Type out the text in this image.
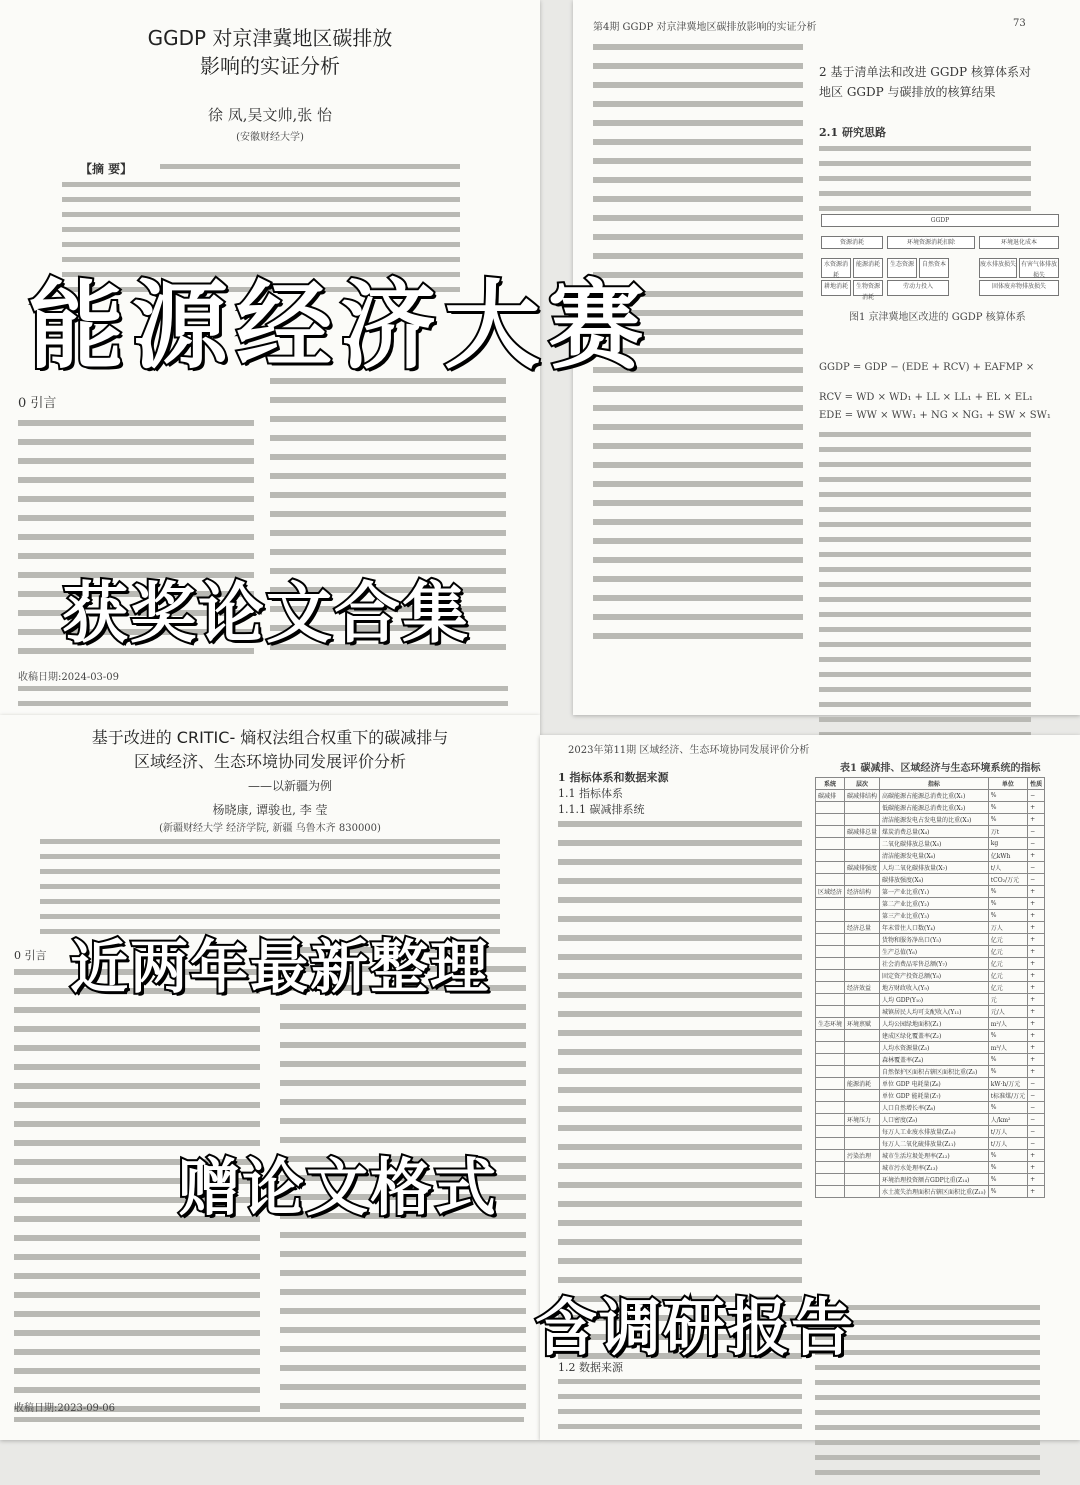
GGDP 对京津冀地区碳排放
影响的实证分析
徐 凤,吴文帅,张 怡
(安徽财经大学)
【摘 要】
0 引言
收稿日期:2024-03-09
第4期 GGDP 对京津冀地区碳排放影响的实证分析	73
2 基于清单法和改进 GGDP 核算体系对地区 GGDP 与碳排放的核算结果
2.1 研究思路
GGDP
资源消耗	环境资源消耗扣除	环境退化成本
水资源消耗
能源消耗	生态资源	自然资本	废水排放损失 有害气体排放损失
耕地消耗	生物资源消耗
劳动力投入	固体废弃物排放损失
图1 京津冀地区改进的 GGDP 核算体系
GGDP = GDP − (EDE + RCV) + EAFMP ×
RCV = WD × WD₁ + LL × LL₁ + EL × EL₁
EDE = WW × WW₁ + NG × NG₁ + SW × SW₁
基于改进的 CRITIC- 熵权法组合权重下的碳减排与
区域经济、生态环境协同发展评价分析
——以新疆为例
杨晓康, 谭骏也, 李 莹
(新疆财经大学 经济学院, 新疆 乌鲁木齐 830000)
0 引言
收稿日期:2023-09-06
2023年第11期 区域经济、生态环境协同发展评价分析
1 指标体系和数据来源
1.1 指标体系
1.1.1 碳减排系统
1.2 数据来源
表1 碳减排、区域经济与生态环境系统的指标
系统	层次	指标	单位	性质
碳减排	碳减排结构	高碳能源占能源总消费比重(X₁)	%	−
		低碳能源占能源总消费比重(X₂)	%	+
		清洁能源发电占发电量的比重(X₃)	%	+
	碳减排总量	煤炭消费总量(X₄)	万t	−
		二氧化碳排放总量(X₅)	kg	−
		清洁能源发电量(X₆)	亿kWh	+
	碳减排强度	人均二氧化碳排放量(X₇)	t/人	−
		碳排放强度(X₈)	tCO₂/万元	−
区域经济	经济结构	第一产业比重(Y₁)	%	+
		第二产业比重(Y₂)	%	+
		第三产业比重(Y₃)	%	+
	经济总量	年末常住人口数(Y₄)	万人	+
		货物和服务净出口(Y₅)	亿元	+
		生产总值(Y₆)	亿元	+
		社会消费品零售总额(Y₇)	亿元	+
		固定资产投资总额(Y₈)	亿元	+
	经济效益	地方财政收入(Y₉)	亿元	+
		人均 GDP(Y₁₀)	元	+
		城镇居民人均可支配收入(Y₁₁)	元/人	+
生态环境	环境禀赋	人均公园绿地面积(Z₁)	m²/人	+
		建成区绿化覆盖率(Z₂)	%	+
		人均水资源量(Z₃)	m³/人	+
		森林覆盖率(Z₄)	%	+
		自然保护区面积占辖区面积比重(Z₅)	%	+
	能源消耗	单位 GDP 电耗量(Z₆)	kW·h/万元	−
		单位 GDP 能耗量(Z₇)	t标准煤/万元	−
		人口自然增长率(Z₈)	%	−
	环境压力	人口密度(Z₉)	人/km²	−
		每万人工业废水排放量(Z₁₀)	t/万人	−
		每万人二氧化硫排放量(Z₁₁)	t/万人	−
	污染治理	城市生活垃圾处理率(Z₁₂)	%	+
		城市污水处理率(Z₁₃)	%	+
		环境治理投资额占GDP比重(Z₁₄)	%	+
		水土流失治理面积占辖区面积比重(Z₁₅)	%	+
能源经济大赛
获奖论文合集
近两年最新整理
赠论文格式
含调研报告
